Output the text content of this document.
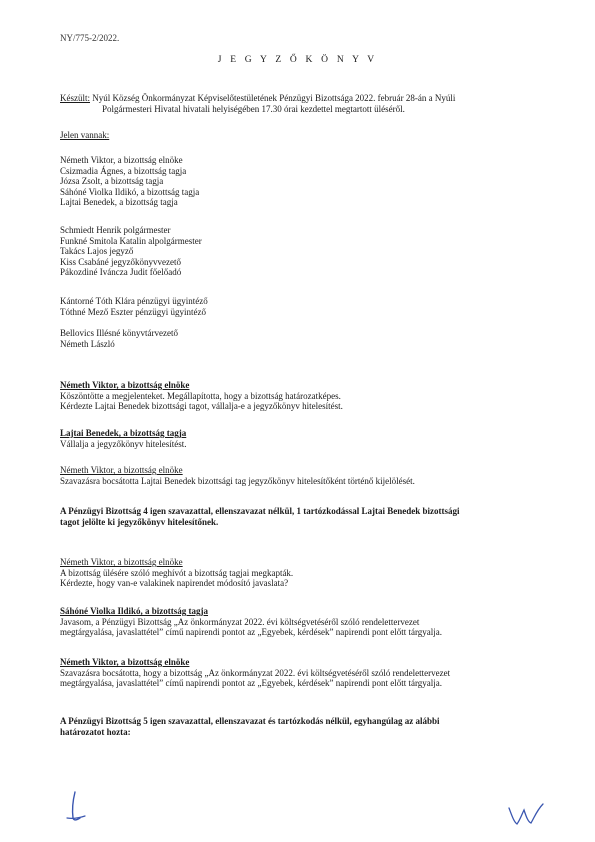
NY/775-2/2022.
J E G Y Z Ő K Ö N Y V
Készült: Nyúl Község Önkormányzat Képviselőtestületének Pénzügyi Bizottsága 2022. február 28-án a Nyúli
Polgármesteri Hivatal hivatali helyiségében 17.30 órai kezdettel megtartott üléséről.
Jelen vannak:
Németh Viktor, a bizottság elnöke
Csizmadia Ágnes, a bizottság tagja
Józsa Zsolt, a bizottság tagja
Sáhóné Violka Ildikó, a bizottság tagja
Lajtai Benedek, a bizottság tagja
Schmiedt Henrik polgármester
Funkné Smitola Katalin alpolgármester
Takács Lajos jegyző
Kiss Csabáné jegyzőkönyvvezető
Pákozdiné Iváncza Judit főelőadó
Kántorné Tóth Klára pénzügyi ügyintéző
Tóthné Mező Eszter pénzügyi ügyintéző
Bellovics Illésné könyvtárvezető
Németh László
Németh Viktor, a bizottság elnöke
Köszöntötte a megjelenteket. Megállapította, hogy a bizottság határozatképes.
Kérdezte Lajtai Benedek bizottsági tagot, vállalja-e a jegyzőkönyv hitelesítést.
Lajtai Benedek, a bizottság tagja
Vállalja a jegyzőkönyv hitelesítést.
Németh Viktor, a bizottság elnöke
Szavazásra bocsátotta Lajtai Benedek bizottsági tag jegyzőkönyv hitelesítőként történő kijelölését.
A Pénzügyi Bizottság 4 igen szavazattal, ellenszavazat nélkül, 1 tartózkodással Lajtai Benedek bizottsági
tagot jelölte ki jegyzőkönyv hitelesítőnek.
Németh Viktor, a bizottság elnöke
A bizottság ülésére szóló meghívót a bizottság tagjai megkapták.
Kérdezte, hogy van-e valakinek napirendet módosító javaslata?
Sáhóné Violka Ildikó, a bizottság tagja
Javasom, a Pénzügyi Bizottság „Az önkormányzat 2022. évi költségvetéséről szóló rendelettervezet
megtárgyalása, javaslattétel” című napirendi pontot az „Egyebek, kérdések” napirendi pont előtt tárgyalja.
Németh Viktor, a bizottság elnöke
Szavazásra bocsátotta, hogy a bizottság „Az önkormányzat 2022. évi költségvetéséről szóló rendelettervezet
megtárgyalása, javaslattétel” című napirendi pontot az „Egyebek, kérdések” napirendi pont előtt tárgyalja.
A Pénzügyi Bizottság 5 igen szavazattal, ellenszavazat és tartózkodás nélkül, egyhangúlag az alábbi
határozatot hozta:
